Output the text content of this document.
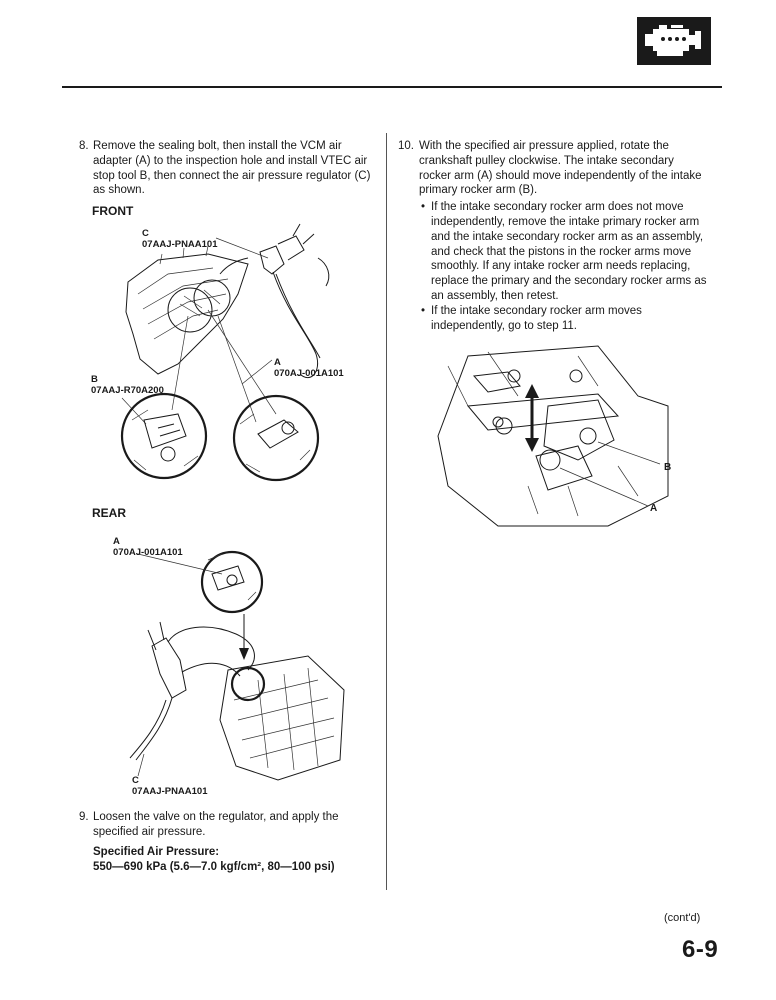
8. Remove the sealing bolt, then install the VCM air adapter (A) to the inspection hole and install VTEC air stop tool B, then connect the air pressure regulator (C) as shown.
FRONT
C
07AAJ-PNAA101
A
070AJ-001A101
B
07AAJ-R70A200
REAR
A
070AJ-001A101
C
07AAJ-PNAA101
9. Loosen the valve on the regulator, and apply the specified air pressure.
Specified Air Pressure:
550—690 kPa (5.6—7.0 kgf/cm², 80—100 psi)
10. With the specified air pressure applied, rotate the crankshaft pulley clockwise. The intake secondary rocker arm (A) should move independently of the intake primary rocker arm (B).
• If the intake secondary rocker arm does not move independently, remove the intake primary rocker arm and the intake secondary rocker arm as an assembly, and check that the pistons in the rocker arms move smoothly. If any intake rocker arm needs replacing, replace the primary and the secondary rocker arms as an assembly, then retest.
• If the intake secondary rocker arm moves independently, go to step 11.
B
A
(cont'd)
6-9
